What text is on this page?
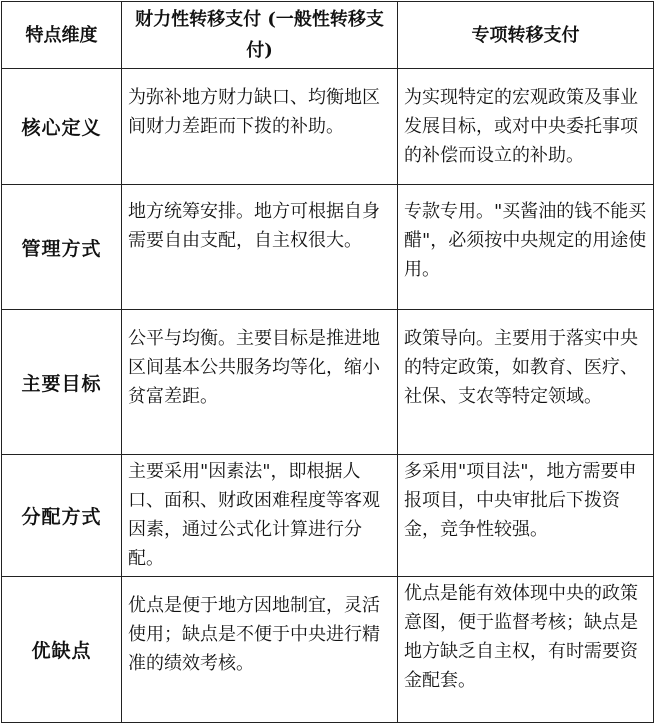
特点维度	财力性转移支付 (一般性转移支付)	专项转移支付
核心定义	为弥补地方财力缺口、均衡地区间财力差距而下拨的补助。	为实现特定的宏观政策及事业发展目标，或对中央委托事项的补偿而设立的补助。
管理方式	地方统筹安排。地方可根据自身需要自由支配，自主权很大。	专款专用。"买酱油的钱不能买醋"，必须按中央规定的用途使用。
主要目标	公平与均衡。主要目标是推进地区间基本公共服务均等化，缩小贫富差距。	政策导向。主要用于落实中央的特定政策，如教育、医疗、社保、支农等特定领域。
分配方式	主要采用"因素法"，即根据人口、面积、财政困难程度等客观因素，通过公式化计算进行分配。	多采用"项目法"，地方需要申报项目，中央审批后下拨资金，竞争性较强。
优缺点	优点是便于地方因地制宜，灵活使用；缺点是不便于中央进行精准的绩效考核。	优点是能有效体现中央的政策意图，便于监督考核；缺点是地方缺乏自主权，有时需要资金配套。
